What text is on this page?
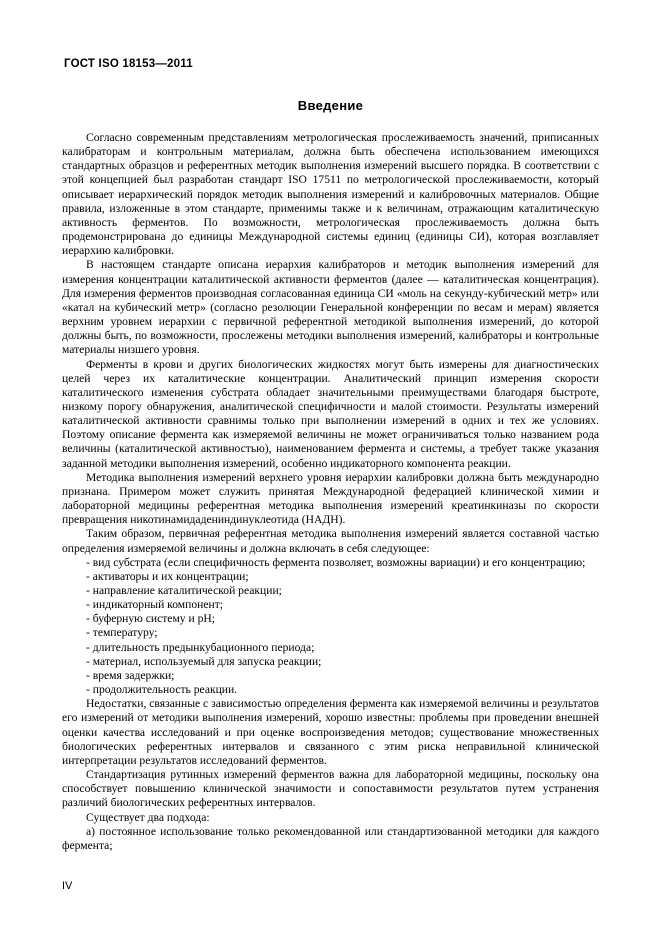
ГОСТ ISO 18153—2011
Введение

Согласно современным представлениям метрологическая прослеживаемость значений, приписанных калибраторам и контрольным материалам, должна быть обеспечена использованием имеющихся стандартных образцов и референтных методик выполнения измерений высшего порядка. В соответствии с этой концепцией был разработан стандарт ISO 17511 по метрологической прослеживаемости, который описывает иерархический порядок методик выполнения измерений и калибровочных материалов. Общие правила, изложенные в этом стандарте, применимы также и к величинам, отражающим каталитическую активность ферментов. По возможности, метрологическая прослеживаемость должна быть продемонстрирована до единицы Международной системы единиц (единицы СИ), которая возглавляет иерархию калибровки.

В настоящем стандарте описана иерархия калибраторов и методик выполнения измерений для измерения концентрации каталитической активности ферментов (далее — каталитическая концентрация). Для измерения ферментов производная согласованная единица СИ «моль на секунду-кубический метр» или «катал на кубический метр» (согласно резолюции Генеральной конференции по весам и мерам) является верхним уровнем иерархии с первичной референтной методикой выполнения измерений, до которой должны быть, по возможности, прослежены методики выполнения измерений, калибраторы и контрольные материалы низшего уровня.

Ферменты в крови и других биологических жидкостях могут быть измерены для диагностических целей через их каталитические концентрации. Аналитический принцип измерения скорости каталитического изменения субстрата обладает значительными преимуществами благодаря быстроте, низкому порогу обнаружения, аналитической специфичности и малой стоимости. Результаты измерений каталитической активности сравнимы только при выполнении измерений в одних и тех же условиях. Поэтому описание фермента как измеряемой величины не может ограничиваться только названием рода величины (каталитической активностью), наименованием фермента и системы, а требует также указания заданной методики выполнения измерений, особенно индикаторного компонента реакции.

Методика выполнения измерений верхнего уровня иерархии калибровки должна быть международно признана. Примером может служить принятая Международной федерацией клинической химии и лабораторной медицины референтная методика выполнения измерений креатинкиназы по скорости превращения никотинамидадениндинуклеотида (НАДН).

Таким образом, первичная референтная методика выполнения измерений является составной частью определения измеряемой величины и должна включать в себя следующее:

- вид субстрата (если специфичность фермента позволяет, возможны вариации) и его концентрацию;

- активаторы и их концентрации;

- направление каталитической реакции;

- индикаторный компонент;

- буферную систему и рН;

- температуру;

- длительность предынкубационного периода;

- материал, используемый для запуска реакции;

- время задержки;

- продолжительность реакции.

Недостатки, связанные с зависимостью определения фермента как измеряемой величины и результатов его измерений от методики выполнения измерений, хорошо известны: проблемы при проведении внешней оценки качества исследований и при оценке воспроизведения методов; существование множественных биологических референтных интервалов и связанного с этим риска неправильной клинической интерпретации результатов исследований ферментов.

Стандартизация рутинных измерений ферментов важна для лабораторной медицины, поскольку она способствует повышению клинической значимости и сопоставимости результатов путем устранения различий биологических референтных интервалов.

Существует два подхода:

а) постоянное использование только рекомендованной или стандартизованной методики для каждого фермента;

IV
